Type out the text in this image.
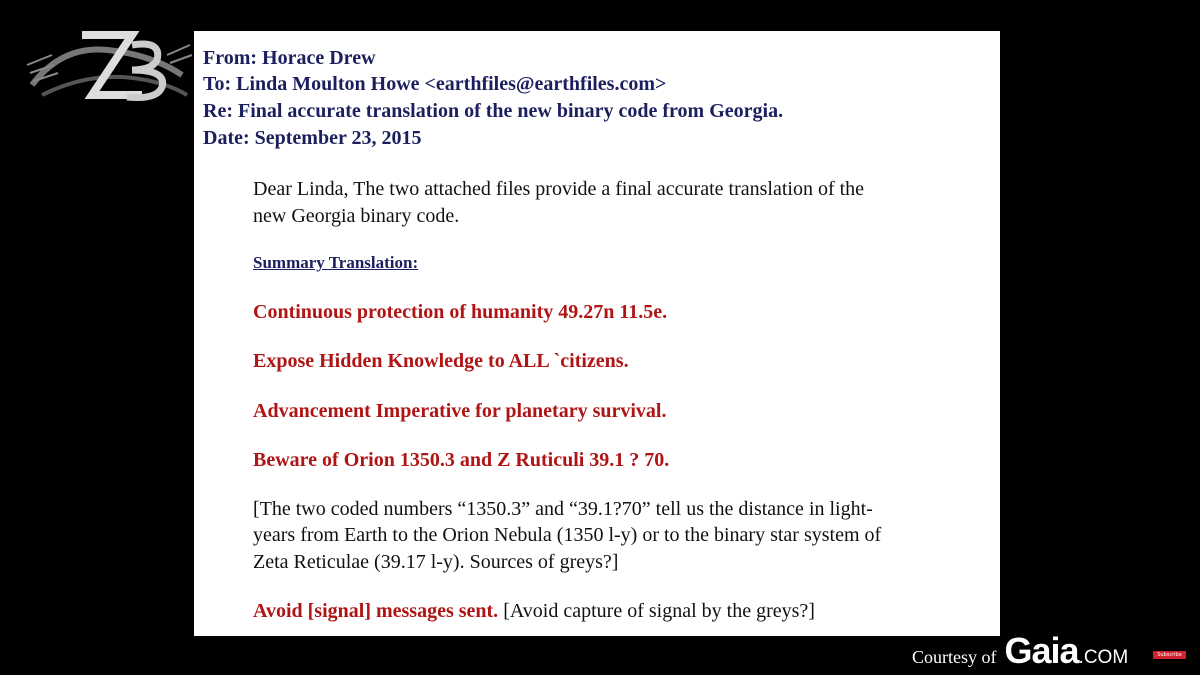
From: Horace Drew
To: Linda Moulton Howe <earthfiles@earthfiles.com>
Re: Final accurate translation of the new binary code from Georgia.
Date: September 23, 2015
Dear Linda, The two attached files provide a final accurate translation of the
new Georgia binary code.
Summary Translation:
Continuous protection of humanity 49.27n 11.5e.
Expose Hidden Knowledge to ALL `citizens.
Advancement Imperative for planetary survival.
Beware of Orion 1350.3 and Z Ruticuli 39.1 ? 70.
[The two coded numbers “1350.3” and “39.1?70” tell us the distance in light-
years from Earth to the Orion Nebula (1350 l-y) or to the binary star system of
Zeta Reticulae (39.17 l-y). Sources of greys?]
Avoid [signal] messages sent. [Avoid capture of signal by the greys?]
Courtesy of Gaia .COM	Subscribe
